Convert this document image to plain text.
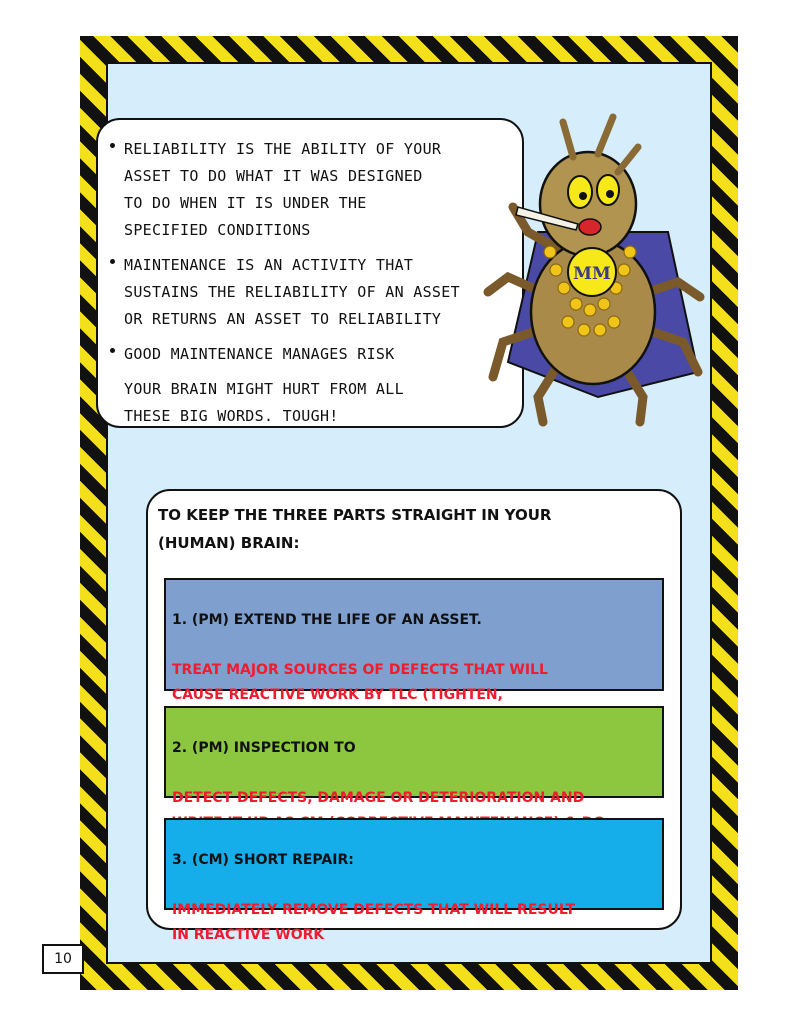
RELIABILITY IS THE ABILITY OF YOUR
ASSET TO DO WHAT IT WAS DESIGNED
TO DO WHEN IT IS UNDER THE
SPECIFIED CONDITIONS
MAINTENANCE IS AN ACTIVITY THAT
SUSTAINS THE RELIABILITY OF AN ASSET
OR RETURNS AN ASSET TO RELIABILITY
GOOD MAINTENANCE MANAGES RISK
YOUR BRAIN MIGHT HURT FROM ALL
THESE BIG WORDS. TOUGH!
MM
TO KEEP THE THREE PARTS STRAIGHT IN YOUR
(HUMAN) BRAIN:

1. (PM) EXTEND THE LIFE OF AN ASSET.

TREAT MAJOR SOURCES OF DEFECTS THAT WILL
CAUSE REACTIVE WORK BY TLC (TIGHTEN,

2. (PM) INSPECTION TO

DETECT DEFECTS, DAMAGE OR DETERIORATION AND

3. (CM) SHORT REPAIR:

IMMEDIATELY REMOVE DEFECTS THAT WILL RESULT
IN REACTIVE WORK

10
